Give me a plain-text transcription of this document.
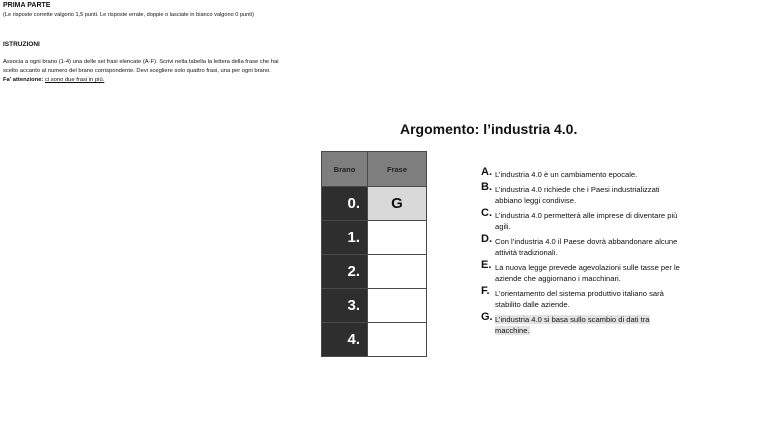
PRIMA PARTE
(Le risposte corrette valgono 1,5 punti. Le risposte errate, doppie o lasciate in bianco valgono 0 punti)
ISTRUZIONI
Associa a ogni brano (1-4) una delle sei frasi elencate (A-F). Scrivi nella tabella la lettera della frase che hai
scelto accanto al numero del brano corrispondente. Devi scegliere solo quattro frasi, una per ogni brano.
Fa' attenzione: ci sono due frasi in più.
Argomento: l’industria 4.0.
Brano	Frase
0.	G
1.	
2.	
3.	
4.	
A. L’industria 4.0 è un cambiamento epocale.
B. L’industria 4.0 richiede che i Paesi industrializzati abbiano leggi condivise.
C. L’industria 4.0 permetterà alle imprese di diventare più agili.
D. Con l’industria 4.0 il Paese dovrà abbandonare alcune attività tradizionali.
E. La nuova legge prevede agevolazioni sulle tasse per le aziende che aggiornano i macchinari.
F. L’orientamento del sistema produttivo italiano sarà stabilito dalle aziende.
G. L’industria 4.0 si basa sullo scambio di dati tra macchine.
